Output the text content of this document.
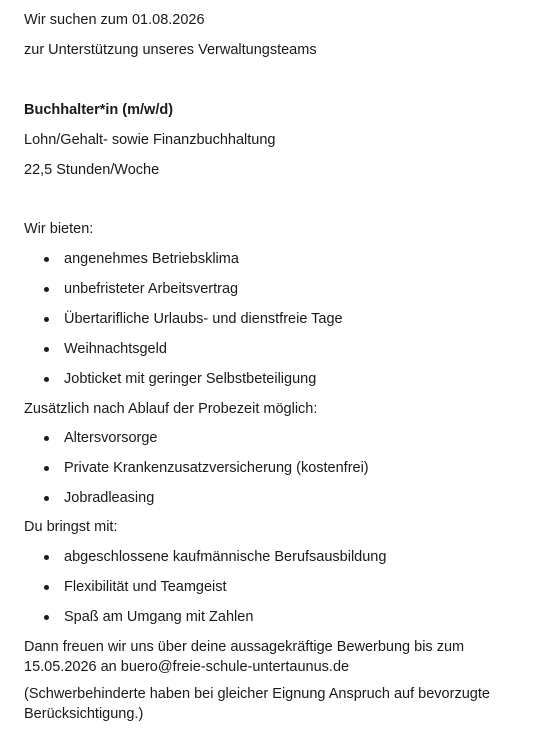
Wir suchen zum 01.08.2026
zur Unterstützung unseres Verwaltungsteams
Buchhalter*in (m/w/d)
Lohn/Gehalt- sowie Finanzbuchhaltung
22,5 Stunden/Woche
Wir bieten:
angenehmes Betriebsklima
unbefristeter Arbeitsvertrag
Übertarifliche Urlaubs- und dienstfreie Tage
Weihnachtsgeld
Jobticket mit geringer Selbstbeteiligung
Zusätzlich nach Ablauf der Probezeit möglich:
Altersvorsorge
Private Krankenzusatzversicherung (kostenfrei)
Jobradleasing
Du bringst mit:
abgeschlossene kaufmännische Berufsausbildung
Flexibilität und Teamgeist
Spaß am Umgang mit Zahlen
Dann freuen wir uns über deine aussagekräftige Bewerbung bis zum 15.05.2026 an buero@freie-schule-untertaunus.de
(Schwerbehinderte haben bei gleicher Eignung Anspruch auf bevorzugte Berücksichtigung.)
